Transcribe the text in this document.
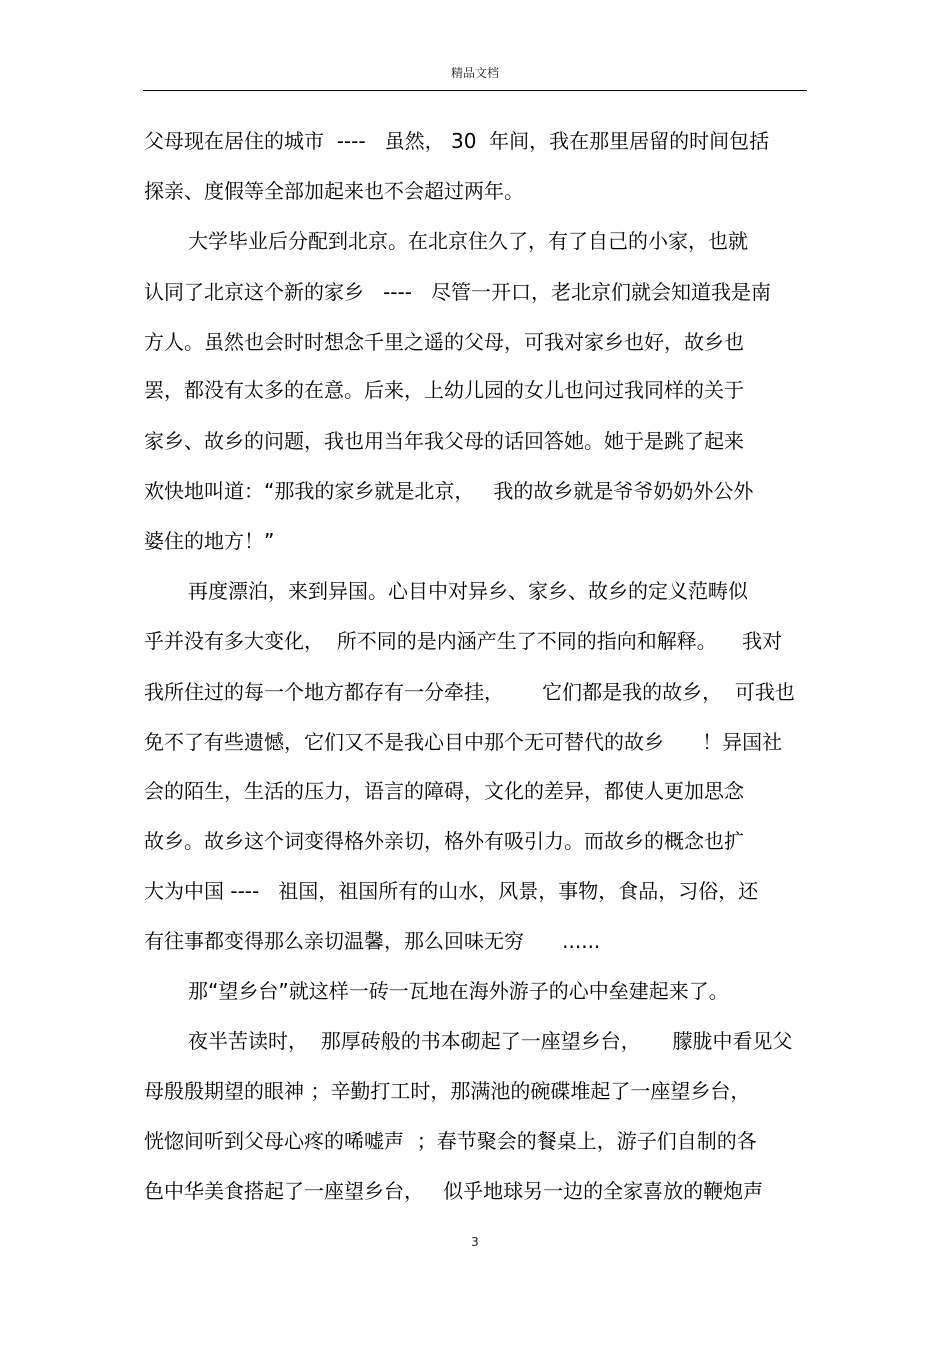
精品文档
父母现在居住的城市  ----   虽然， 30  年间，我在那里居留的时间包括
探亲、度假等全部加起来也不会超过两年。
大学毕业后分配到北京。在北京住久了，有了自己的小家，也就
认同了北京这个新的家乡   ----   尽管一开口，老北京们就会知道我是南
方人。虽然也会时时想念千里之遥的父母，可我对家乡也好，故乡也
罢，都没有太多的在意。后来，上幼儿园的女儿也问过我同样的关于
家乡、故乡的问题，我也用当年我父母的话回答她。她于是跳了起来
欢快地叫道：“那我的家乡就是北京，   我的故乡就是爷爷奶奶外公外
婆住的地方！”
再度漂泊，来到异国。心目中对异乡、家乡、故乡的定义范畴似
乎并没有多大变化，  所不同的是内涵产生了不同的指向和解释。    我对
我所住过的每一个地方都存有一分牵挂，      它们都是我的故乡，  可我也
免不了有些遗憾，它们又不是我心目中那个无可替代的故乡      ！异国社
会的陌生，生活的压力，语言的障碍，文化的差异，都使人更加思念
故乡。故乡这个词变得格外亲切，格外有吸引力。而故乡的概念也扩
大为中国 ----   祖国，祖国所有的山水，风景，事物，食品，习俗，还
有往事都变得那么亲切温馨，那么回味无穷      ......
那“望乡台”就这样一砖一瓦地在海外游子的心中垒建起来了。
夜半苦读时，  那厚砖般的书本砌起了一座望乡台，     朦胧中看见父
母殷殷期望的眼神 ；辛勤打工时，那满池的碗碟堆起了一座望乡台，
恍惚间听到父母心疼的唏嘘声  ；春节聚会的餐桌上，游子们自制的各
色中华美食搭起了一座望乡台，   似乎地球另一边的全家喜放的鞭炮声
3
